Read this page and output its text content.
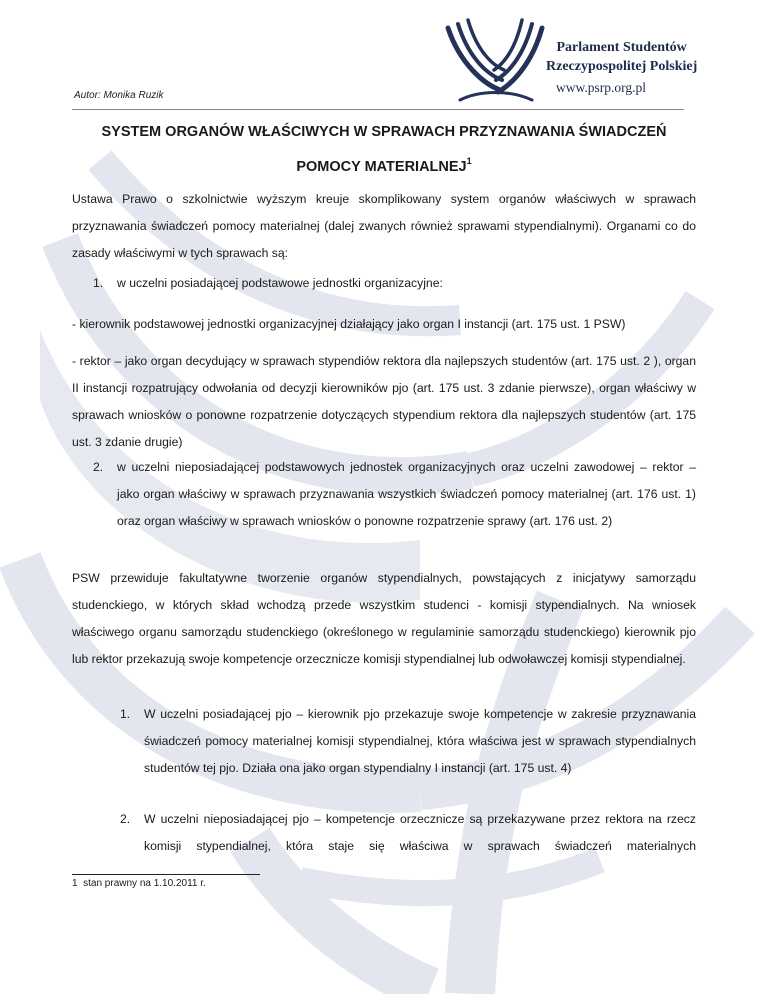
Parlament Studentów
Rzeczypospolitej Polskiej
www.psrp.org.pl
Autor: Monika Ruzik
SYSTEM ORGANÓW WŁAŚCIWYCH W SPRAWACH PRZYZNAWANIA ŚWIADCZEŃ POMOCY MATERIALNEJ$^1$
Ustawa Prawo o szkolnictwie wyższym kreuje skomplikowany system organów właściwych w sprawach przyznawania świadczeń pomocy materialnej (dalej zwanych również sprawami stypendialnymi). Organami co do zasady właściwymi w tych sprawach są:
1. w uczelni posiadającej podstawowe jednostki organizacyjne:
- kierownik podstawowej jednostki organizacyjnej działający jako organ I instancji (art. 175 ust. 1 PSW)
- rektor – jako organ decydujący w sprawach stypendiów rektora dla najlepszych studentów (art. 175 ust. 2 ), organ II instancji rozpatrujący odwołania od decyzji kierowników pjo (art. 175 ust. 3 zdanie pierwsze), organ właściwy w sprawach wniosków o ponowne rozpatrzenie dotyczących stypendium rektora dla najlepszych studentów (art. 175 ust. 3 zdanie drugie)
2. w uczelni nieposiadającej podstawowych jednostek organizacyjnych oraz uczelni zawodowej – rektor – jako organ właściwy w sprawach przyznawania wszystkich świadczeń pomocy materialnej (art. 176 ust. 1) oraz organ właściwy w sprawach wniosków o ponowne rozpatrzenie sprawy (art. 176 ust. 2)
PSW przewiduje fakultatywne tworzenie organów stypendialnych, powstających z inicjatywy samorządu studenckiego, w których skład wchodzą przede wszystkim studenci - komisji stypendialnych. Na wniosek właściwego organu samorządu studenckiego (określonego w regulaminie samorządu studenckiego) kierownik pjo lub rektor przekazują swoje kompetencje orzecznicze komisji stypendialnej lub odwoławczej komisji stypendialnej.
1. W uczelni posiadającej pjo – kierownik pjo przekazuje swoje kompetencje w zakresie przyznawania świadczeń pomocy materialnej komisji stypendialnej, która właściwa jest w sprawach stypendialnych studentów tej pjo. Działa ona jako organ stypendialny I instancji (art. 175 ust. 4)
2. W uczelni nieposiadającej pjo – kompetencje orzecznicze są przekazywane przez rektora na rzecz komisji stypendialnej, która staje się właściwa w sprawach świadczeń materialnych
1 stan prawny na 1.10.2011 r.
